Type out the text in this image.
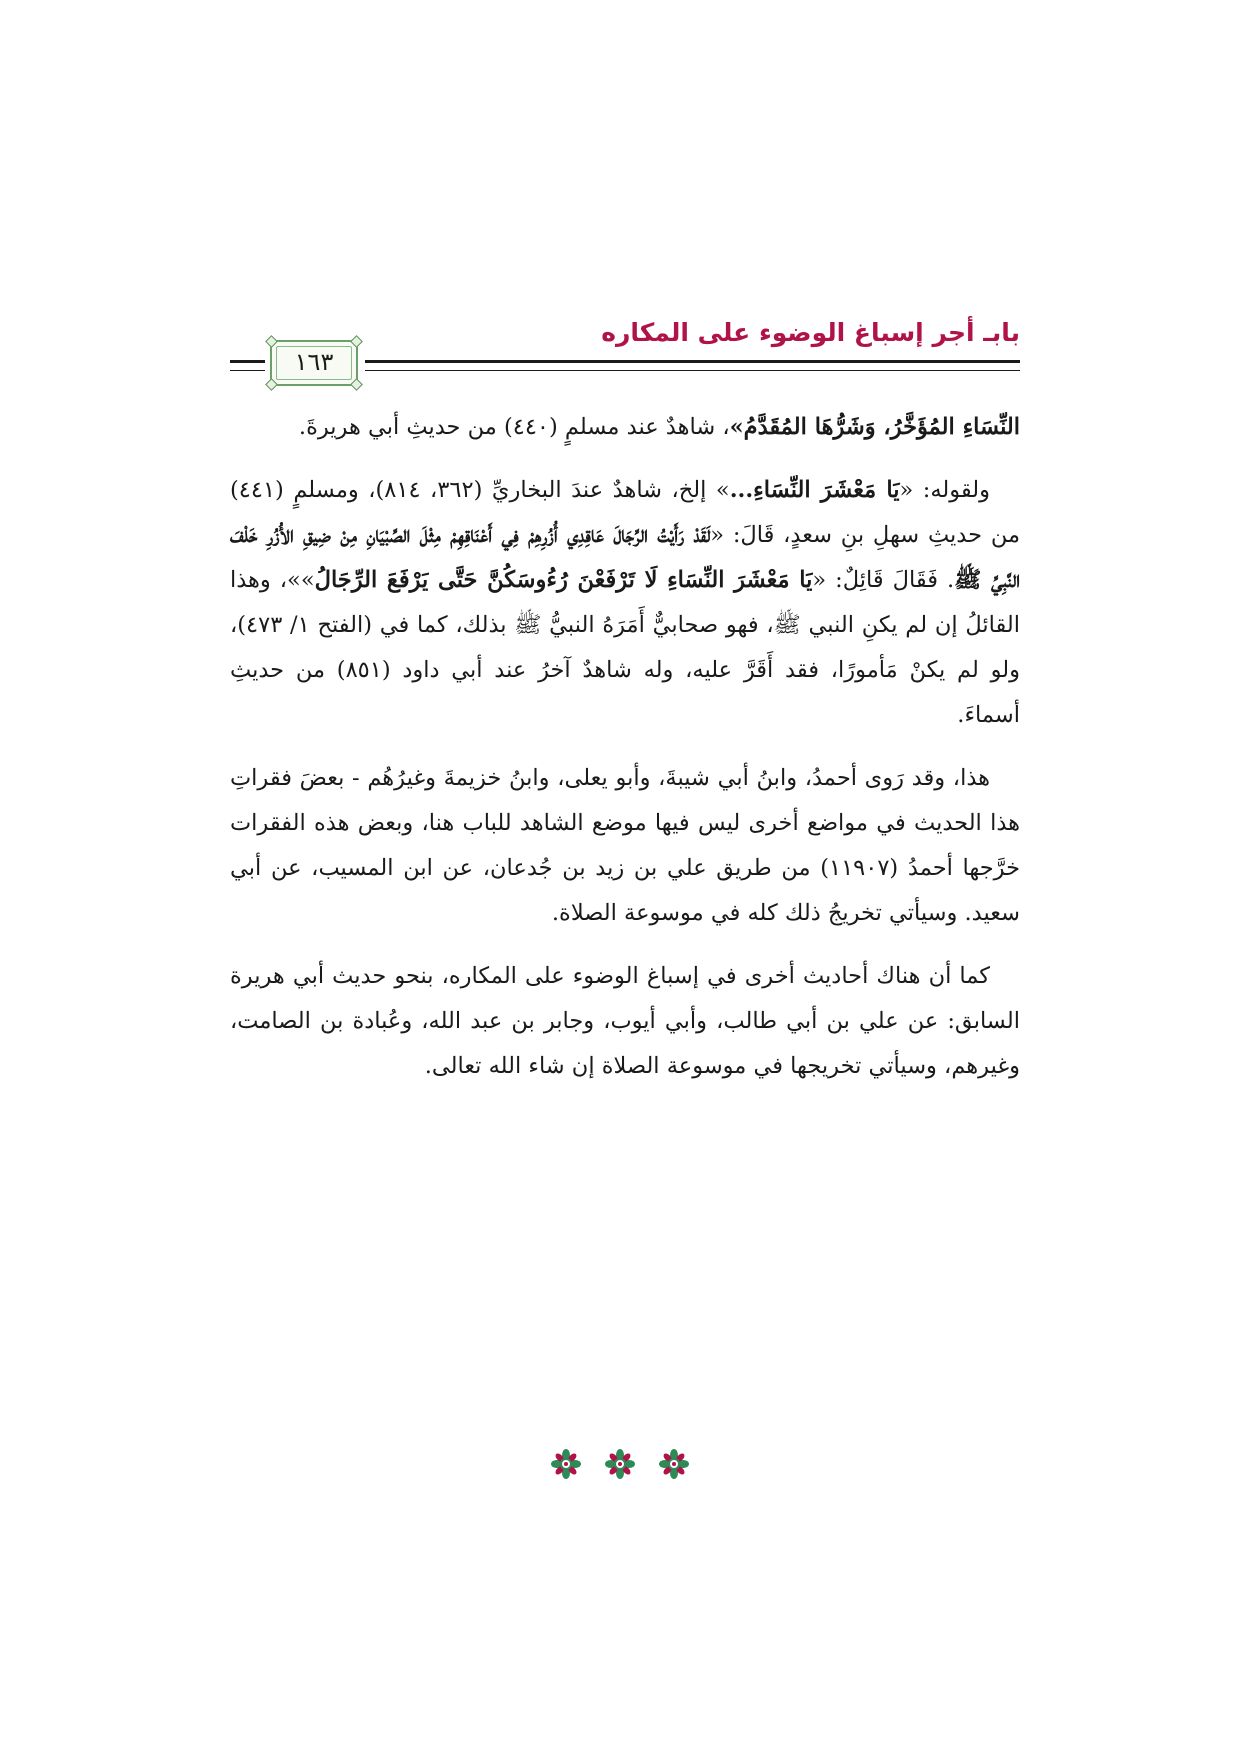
١٦٣
بابـ أجر إسباغ الوضوء على المكاره

النِّسَاءِ المُؤَخَّرُ، وَشَرُّهَا المُقَدَّمُ»، شاهدٌ عند مسلمٍ (٤٤٠) من حديثِ أبي هريرةَ.

ولقوله: «يَا مَعْشَرَ النِّسَاءِ...» إلخ، شاهدٌ عندَ البخاريِّ (٣٦٢، ٨١٤)، ومسلمٍ (٤٤١) من حديثِ سهلِ بنِ سعدٍ، قَالَ: «لَقَدْ رَأَيْتُ الرِّجَالَ عَاقِدِي أُزُرِهِمْ فِي أَعْنَاقِهِمْ مِثْلَ الصِّبْيَانِ مِنْ ضِيقِ الأُزُرِ خَلْفَ النَّبِيِّ ﷺ. فَقَالَ قَائِلٌ: «يَا مَعْشَرَ النِّسَاءِ لَا تَرْفَعْنَ رُءُوسَكُنَّ حَتَّى يَرْفَعَ الرِّجَالُ»»، وهذا القائلُ إن لم يكنِ النبي ﷺ، فهو صحابيٌّ أَمَرَهُ النبيُّ ﷺ بذلك، كما في (الفتح ١/ ٤٧٣)، ولو لم يكنْ مَأمورًا، فقد أَقَرَّ عليه، وله شاهدٌ آخرُ عند أبي داود (٨٥١) من حديثِ أسماءَ.

هذا، وقد رَوى أحمدُ، وابنُ أبي شيبةَ، وأبو يعلى، وابنُ خزيمةَ وغيرُهُم - بعضَ فقراتِ هذا الحديث في مواضع أخرى ليس فيها موضع الشاهد للباب هنا، وبعض هذه الفقرات خرَّجها أحمدُ (١١٩٠٧) من طريق علي بن زيد بن جُدعان، عن ابن المسيب، عن أبي سعيد. وسيأتي تخريجُ ذلك كله في موسوعة الصلاة.

كما أن هناك أحاديث أخرى في إسباغ الوضوء على المكاره، بنحو حديث أبي هريرة السابق: عن علي بن أبي طالب، وأبي أيوب، وجابر بن عبد الله، وعُبادة بن الصامت، وغيرهم، وسيأتي تخريجها في موسوعة الصلاة إن شاء الله تعالى.
